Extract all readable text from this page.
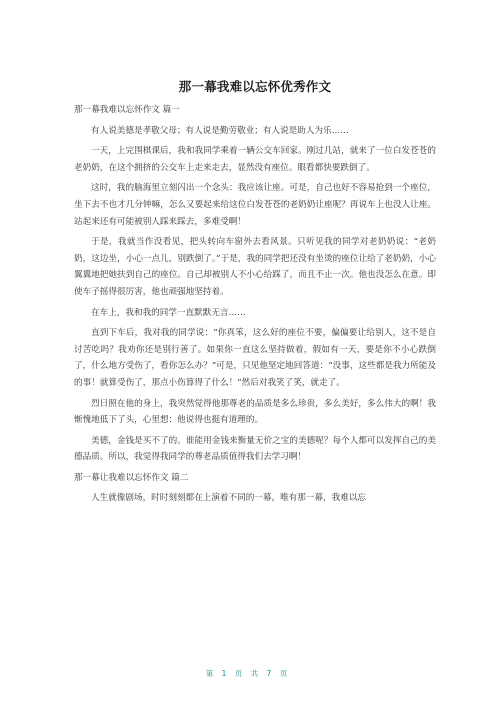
那一幕我难以忘怀优秀作文

那一幕我难以忘怀作文 篇一

有人说美德是孝敬父母；有人说是勤劳敬业；有人说是助人为乐……

一天，上完围棋课后，我和我同学乘着一辆公交车回家。刚过几站，就来了一位白发苍苍的老奶奶，在这个拥挤的公交车上走来走去，显然没有座位。眼看都快要跌倒了。

这时，我的脑海里立刻闪出一个念头：我应该让座。可是，自己也好不容易抢到一个座位，坐下去不也才几分钟嘛，怎么又要起来给这位白发苍苍的老奶奶让座呢？再说车上也没人让座。站起来还有可能被别人踩来踩去，多难受啊！

于是，我就当作没看见，把头转向车窗外去看风景。只听见我的同学对老奶奶说：“老奶奶，这边坐，小心一点儿，别跌倒了。”于是，我的同学把还没有坐烫的座位让给了老奶奶，小心翼翼地把她扶到自己的座位。自己却被别人不小心给踩了，而且不止一次。他也没怎么在意。即使车子摇得很厉害，他也顽强地坚持着。

在车上，我和我的同学一直默默无言……

直到下车后，我对我的同学说：“你真笨，这么好的座位不要，偏偏要让给别人，这不是自讨苦吃吗？我劝你还是别行善了。如果你一直这么坚持做着，假如有一天，要是你不小心跌倒了，什么地方受伤了，看你怎么办？”可是，只见他坚定地回答道：“没事，这些都是我力所能及的事！就算受伤了，那点小伤算得了什么！”然后对我笑了笑，就走了。

烈日照在他的身上，我突然觉得他那尊老的品质是多么珍贵，多么美好，多么伟大的啊！我惭愧地低下了头，心里想：他说得也挺有道理的。

美德，金钱是买不了的。谁能用金钱来衡量无价之宝的美德呢？每个人都可以发挥自己的美德品质。所以，我觉得我同学的尊老品质值得我们去学习啊！

那一幕让我难以忘怀作文 篇二

人生就像剧场，时时刻刻都在上演着不同的一幕，唯有那一幕，我难以忘

第 1 页 共 7 页
